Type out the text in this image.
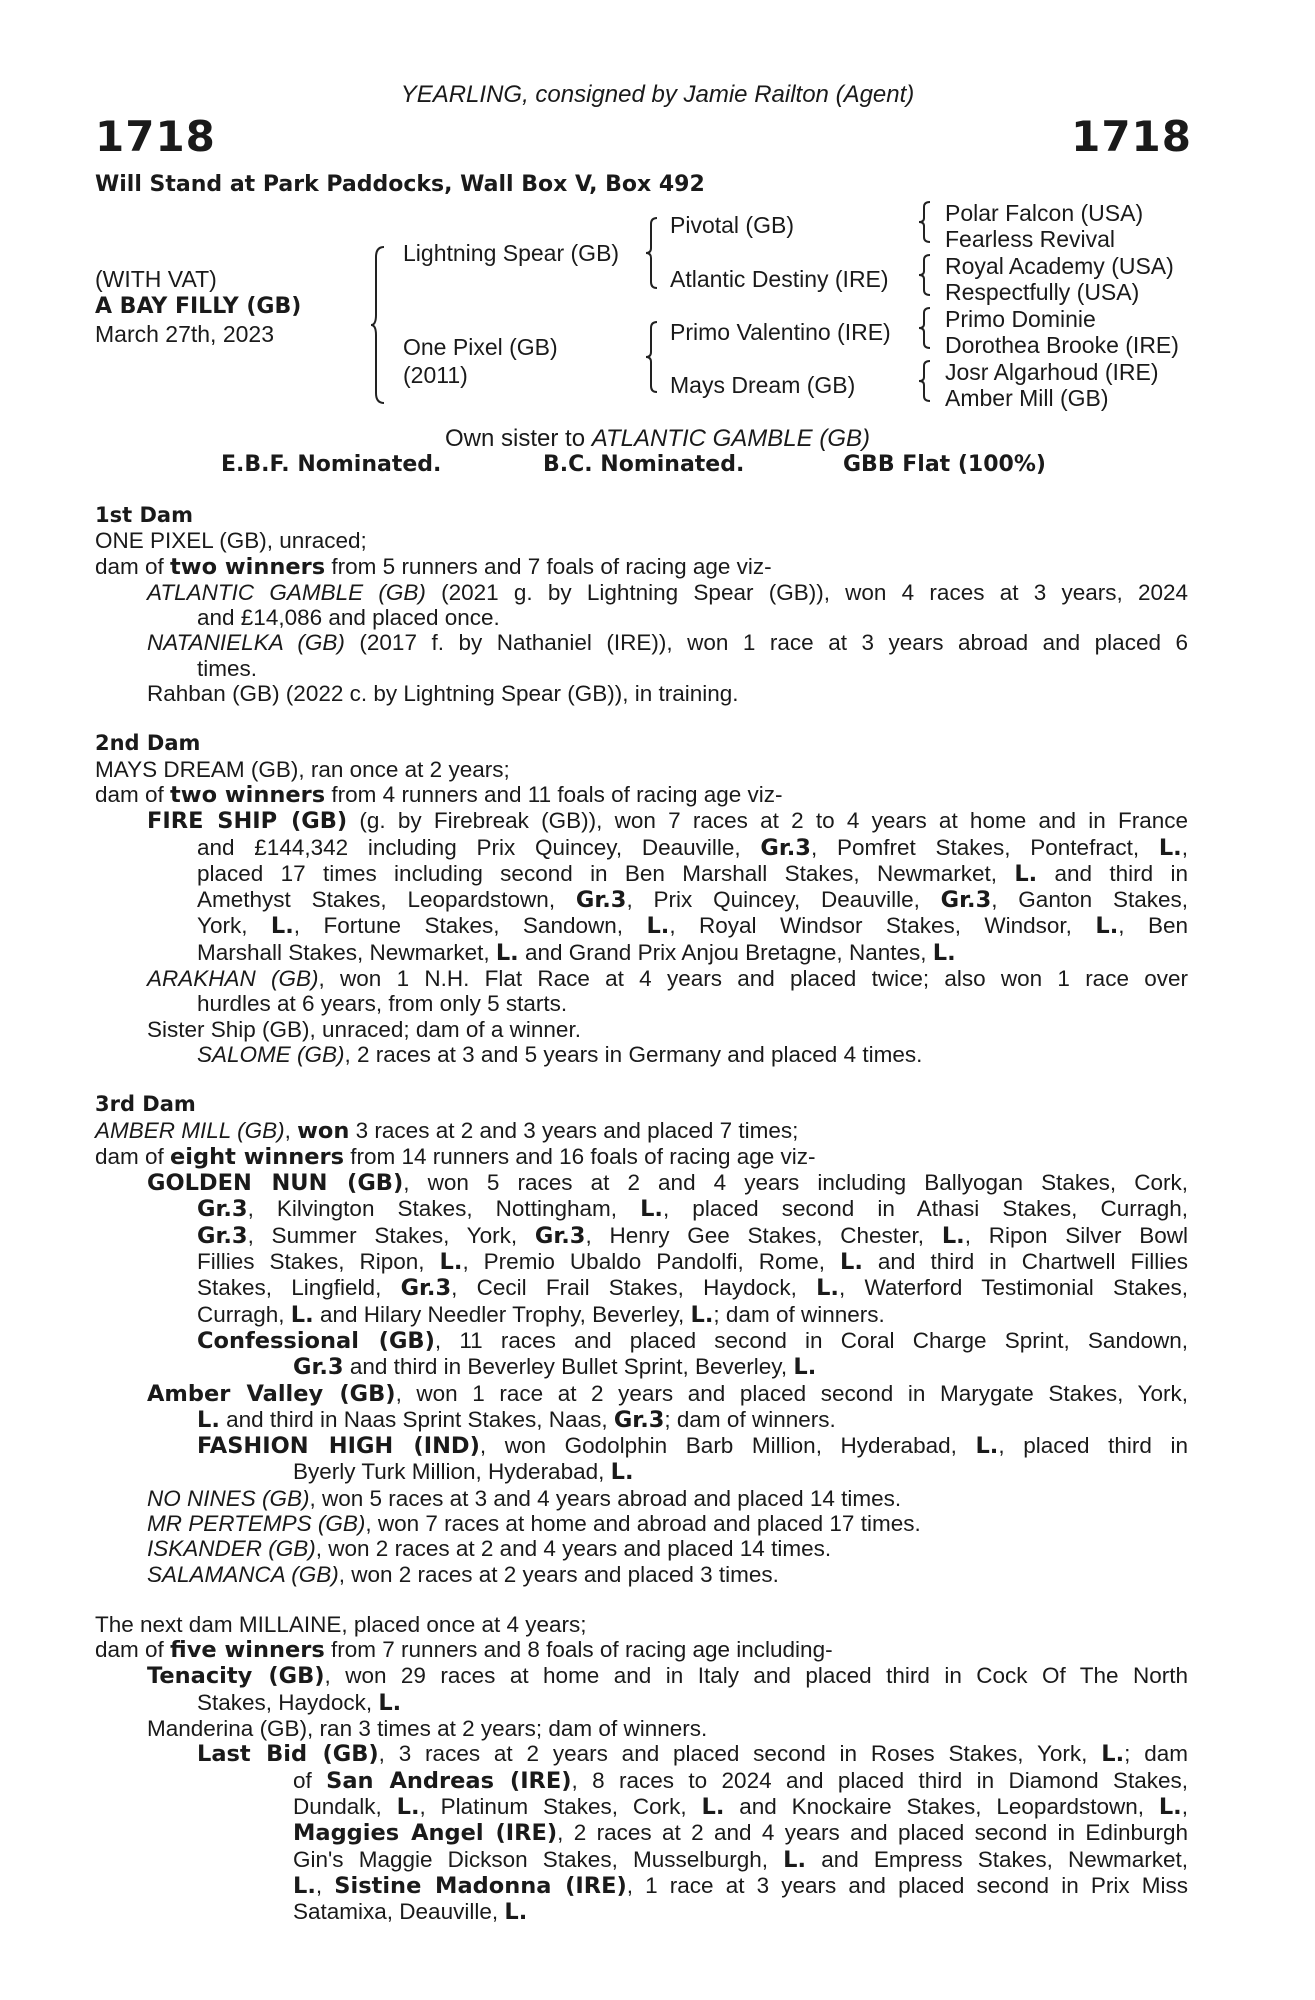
YEARLING, consigned by Jamie Railton (Agent)
1718	1718
Will Stand at Park Paddocks, Wall Box V, Box 492
(WITH VAT)
A BAY FILLY (GB)
March 27th, 2023
Lightning Spear (GB)
One Pixel (GB)
(2011)
Pivotal (GB)
Atlantic Destiny (IRE)
Primo Valentino (IRE)
Mays Dream (GB)
Polar Falcon (USA)
Fearless Revival
Royal Academy (USA)
Respectfully (USA)
Primo Dominie
Dorothea Brooke (IRE)
Josr Algarhoud (IRE)
Amber Mill (GB)
Own sister to ATLANTIC GAMBLE (GB)
E.B.F. Nominated.	B.C. Nominated.	GBB Flat (100%)
1st Dam
ONE PIXEL (GB), unraced;
dam of two winners from 5 runners and 7 foals of racing age viz-
ATLANTIC GAMBLE (GB) (2021 g. by Lightning Spear (GB)), won 4 races at 3 years, 2024
and £14,086 and placed once.
NATANIELKA (GB) (2017 f. by Nathaniel (IRE)), won 1 race at 3 years abroad and placed 6
times.
Rahban (GB) (2022 c. by Lightning Spear (GB)), in training.
2nd Dam
MAYS DREAM (GB), ran once at 2 years;
dam of two winners from 4 runners and 11 foals of racing age viz-
FIRE SHIP (GB) (g. by Firebreak (GB)), won 7 races at 2 to 4 years at home and in France
and £144,342 including Prix Quincey, Deauville, Gr.3, Pomfret Stakes, Pontefract, L.,
placed 17 times including second in Ben Marshall Stakes, Newmarket, L. and third in
Amethyst Stakes, Leopardstown, Gr.3, Prix Quincey, Deauville, Gr.3, Ganton Stakes,
York, L., Fortune Stakes, Sandown, L., Royal Windsor Stakes, Windsor, L., Ben
Marshall Stakes, Newmarket, L. and Grand Prix Anjou Bretagne, Nantes, L.
ARAKHAN (GB), won 1 N.H. Flat Race at 4 years and placed twice; also won 1 race over
hurdles at 6 years, from only 5 starts.
Sister Ship (GB), unraced; dam of a winner.
SALOME (GB), 2 races at 3 and 5 years in Germany and placed 4 times.
3rd Dam
AMBER MILL (GB), won 3 races at 2 and 3 years and placed 7 times;
dam of eight winners from 14 runners and 16 foals of racing age viz-
GOLDEN NUN (GB), won 5 races at 2 and 4 years including Ballyogan Stakes, Cork,
Gr.3, Kilvington Stakes, Nottingham, L., placed second in Athasi Stakes, Curragh,
Gr.3, Summer Stakes, York, Gr.3, Henry Gee Stakes, Chester, L., Ripon Silver Bowl
Fillies Stakes, Ripon, L., Premio Ubaldo Pandolfi, Rome, L. and third in Chartwell Fillies
Stakes, Lingfield, Gr.3, Cecil Frail Stakes, Haydock, L., Waterford Testimonial Stakes,
Curragh, L. and Hilary Needler Trophy, Beverley, L.; dam of winners.
Confessional (GB), 11 races and placed second in Coral Charge Sprint, Sandown,
Gr.3 and third in Beverley Bullet Sprint, Beverley, L.
Amber Valley (GB), won 1 race at 2 years and placed second in Marygate Stakes, York,
L. and third in Naas Sprint Stakes, Naas, Gr.3; dam of winners.
FASHION HIGH (IND), won Godolphin Barb Million, Hyderabad, L., placed third in
Byerly Turk Million, Hyderabad, L.
NO NINES (GB), won 5 races at 3 and 4 years abroad and placed 14 times.
MR PERTEMPS (GB), won 7 races at home and abroad and placed 17 times.
ISKANDER (GB), won 2 races at 2 and 4 years and placed 14 times.
SALAMANCA (GB), won 2 races at 2 years and placed 3 times.
The next dam MILLAINE, placed once at 4 years;
dam of five winners from 7 runners and 8 foals of racing age including-
Tenacity (GB), won 29 races at home and in Italy and placed third in Cock Of The North
Stakes, Haydock, L.
Manderina (GB), ran 3 times at 2 years; dam of winners.
Last Bid (GB), 3 races at 2 years and placed second in Roses Stakes, York, L.; dam
of San Andreas (IRE), 8 races to 2024 and placed third in Diamond Stakes,
Dundalk, L., Platinum Stakes, Cork, L. and Knockaire Stakes, Leopardstown, L.,
Maggies Angel (IRE), 2 races at 2 and 4 years and placed second in Edinburgh
Gin's Maggie Dickson Stakes, Musselburgh, L. and Empress Stakes, Newmarket,
L., Sistine Madonna (IRE), 1 race at 3 years and placed second in Prix Miss
Satamixa, Deauville, L.
